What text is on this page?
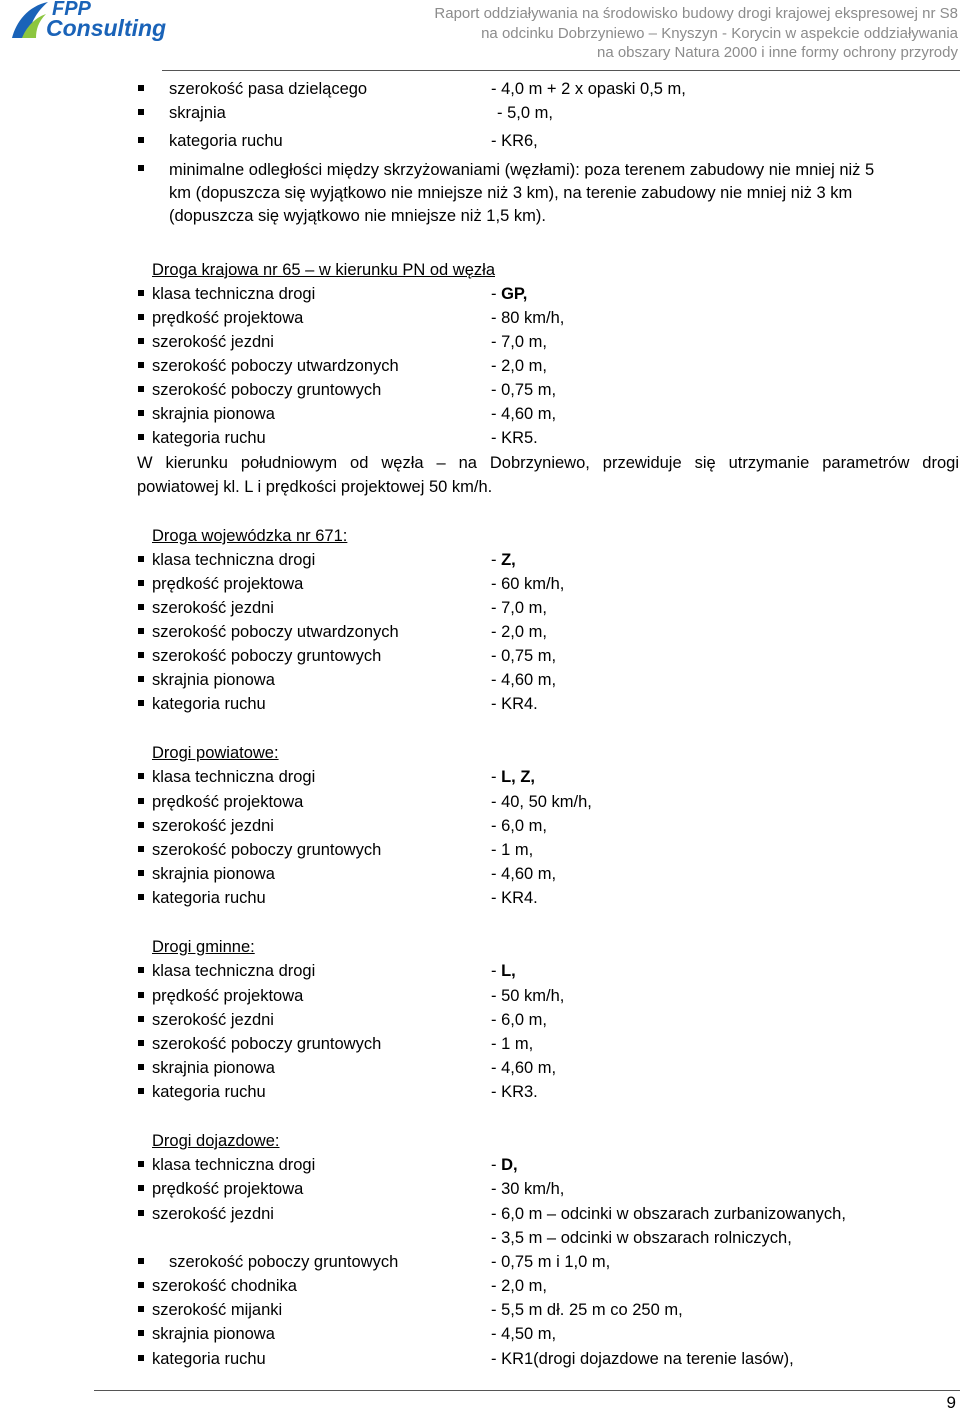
FPP
Consulting
Raport oddziaływania na środowisko budowy drogi krajowej ekspresowej nr S8
na odcinku Dobrzyniewo – Knyszyn - Korycin w aspekcie oddziaływania
na obszary Natura 2000 i inne formy ochrony przyrody
szerokość pasa dzielącego	- 4,0 m + 2 x opaski 0,5 m,
skrajnia	- 5,0 m,
kategoria ruchu	- KR6,
minimalne odległości między skrzyżowaniami (węzłami): poza terenem zabudowy nie mniej niż 5
km (dopuszcza się wyjątkowo nie mniejsze niż 3 km), na terenie zabudowy nie mniej niż 3 km
(dopuszcza się wyjątkowo nie mniejsze niż 1,5 km).
Droga krajowa nr 65 – w kierunku PN od węzła
klasa techniczna drogi	- GP,
prędkość projektowa	- 80 km/h,
szerokość jezdni	- 7,0 m,
szerokość poboczy utwardzonych	- 2,0 m,
szerokość poboczy gruntowych	- 0,75 m,
skrajnia pionowa	- 4,60 m,
kategoria ruchu	- KR5.
W kierunku południowym od węzła – na Dobrzyniewo, przewiduje się utrzymanie parametrów drogi
powiatowej kl. L i prędkości projektowej 50 km/h.
Droga wojewódzka nr 671:
klasa techniczna drogi	- Z,
prędkość projektowa	- 60 km/h,
szerokość jezdni	- 7,0 m,
szerokość poboczy utwardzonych	- 2,0 m,
szerokość poboczy gruntowych	- 0,75 m,
skrajnia pionowa	- 4,60 m,
kategoria ruchu	- KR4.
Drogi powiatowe:
klasa techniczna drogi	- L, Z,
prędkość projektowa	- 40, 50 km/h,
szerokość jezdni	- 6,0 m,
szerokość poboczy gruntowych	- 1 m,
skrajnia pionowa	- 4,60 m,
kategoria ruchu	- KR4.
Drogi gminne:
klasa techniczna drogi	- L,
prędkość projektowa	- 50 km/h,
szerokość jezdni	- 6,0 m,
szerokość poboczy gruntowych	- 1 m,
skrajnia pionowa	- 4,60 m,
kategoria ruchu	- KR3.
Drogi dojazdowe:
klasa techniczna drogi	- D,
prędkość projektowa	- 30 km/h,
szerokość jezdni	- 6,0 m – odcinki w obszarach zurbanizowanych,
- 3,5 m – odcinki w obszarach rolniczych,
szerokość poboczy gruntowych	- 0,75 m i 1,0 m,
szerokość chodnika	- 2,0 m,
szerokość mijanki	- 5,5 m dł. 25 m co 250 m,
skrajnia pionowa	- 4,50 m,
kategoria ruchu	- KR1(drogi dojazdowe na terenie lasów),
9
